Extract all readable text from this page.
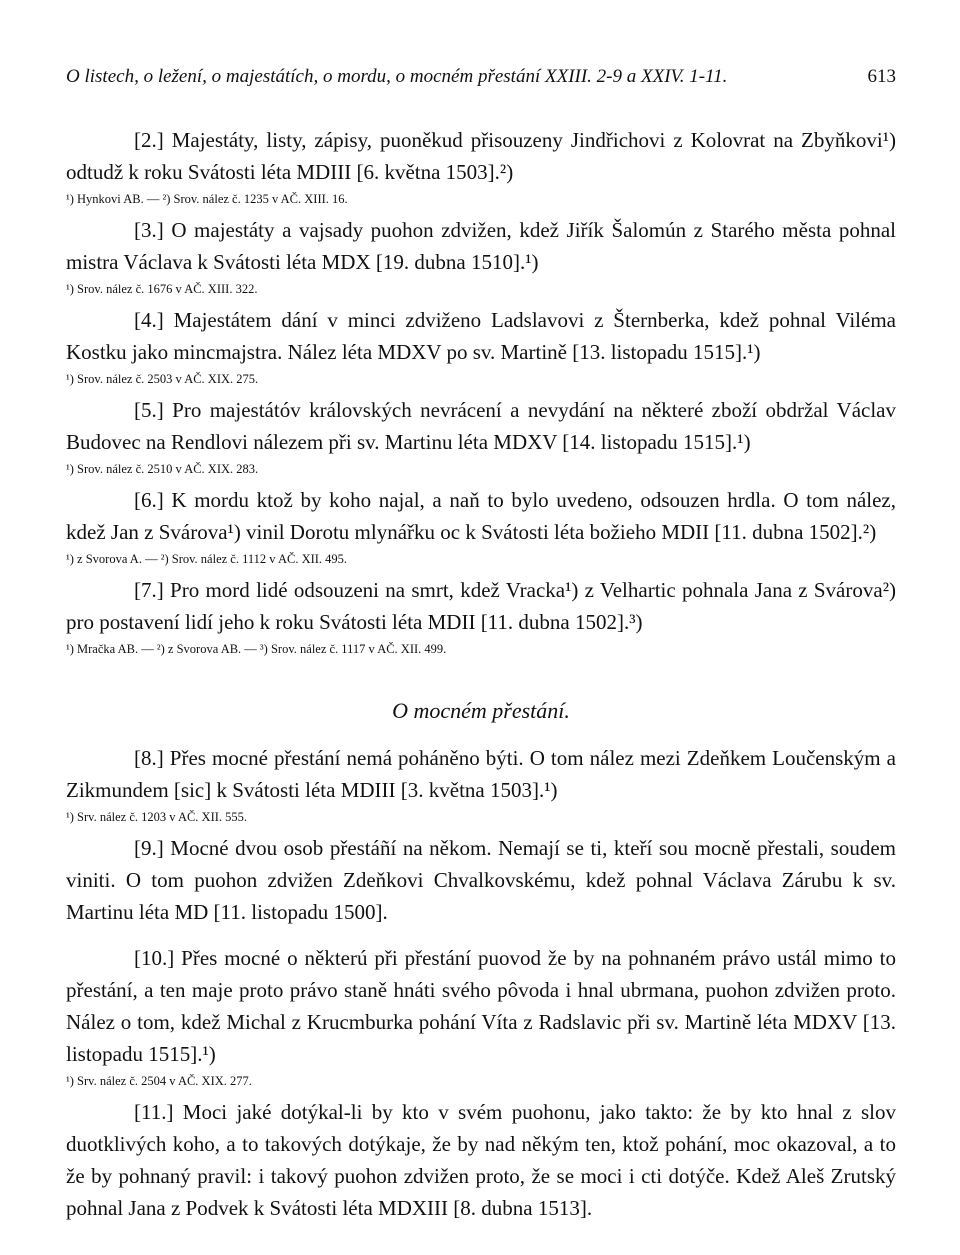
O listech, o ležení, o majestátích, o mordu, o mocném přestání XXIII. 2-9 a XXIV. 1-11.	613

[2.] Majestáty, listy, zápisy, puoněkud přisouzeny Jindřichovi z Kolovrat na Zbyňkovi¹) odtudž k roku Svátosti léta MDIII [6. května 1503].²)

¹) Hynkovi AB. — ²) Srov. nález č. 1235 v AČ. XIII. 16.

[3.] O majestáty a vajsady puohon zdvižen, kdež Jiřík Šalomún z Starého města pohnal mistra Václava k Svátosti léta MDX [19. dubna 1510].¹)

¹) Srov. nález č. 1676 v AČ. XIII. 322.

[4.] Majestátem dání v minci zdviženo Ladslavovi z Šternberka, kdež pohnal Viléma Kostku jako mincmajstra. Nález léta MDXV po sv. Martině [13. listopadu 1515].¹)

¹) Srov. nález č. 2503 v AČ. XIX. 275.

[5.] Pro majestátóv královských nevrácení a nevydání na některé zboží obdržal Václav Budovec na Rendlovi nálezem při sv. Martinu léta MDXV [14. listopadu 1515].¹)

¹) Srov. nález č. 2510 v AČ. XIX. 283.

[6.] K mordu ktož by koho najal, a naň to bylo uvedeno, odsouzen hrdla. O tom nález, kdež Jan z Svárova¹) vinil Dorotu mlynářku oc k Svátosti léta božieho MDII [11. dubna 1502].²)

¹) z Svorova A. — ²) Srov. nález č. 1112 v AČ. XII. 495.

[7.] Pro mord lidé odsouzeni na smrt, kdež Vracka¹) z Velhartic pohnala Jana z Svárova²) pro postavení lidí jeho k roku Svátosti léta MDII [11. dubna 1502].³)

¹) Mračka AB. — ²) z Svorova AB. — ³) Srov. nález č. 1117 v AČ. XII. 499.
O mocném přestání.

[8.] Přes mocné přestání nemá poháněno býti. O tom nález mezi Zdeňkem Loučenským a Zikmundem [sic] k Svátosti léta MDIII [3. května 1503].¹)

¹) Srv. nález č. 1203 v AČ. XII. 555.

[9.] Mocné dvou osob přestáñí na někom. Nemají se ti, kteří sou mocně přestali, soudem viniti. O tom puohon zdvižen Zdeňkovi Chvalkovskému, kdež pohnal Václava Zárubu k sv. Martinu léta MD [11. listopadu 1500].

[10.] Přes mocné o některú při přestání puovod že by na pohnaném právo ustál mimo to přestání, a ten maje proto právo staně hnáti svého pôvoda i hnal ubrmana, puohon zdvižen proto. Nález o tom, kdež Michal z Krucmburka pohání Víta z Radslavic při sv. Martině léta MDXV [13. listopadu 1515].¹)

¹) Srv. nález č. 2504 v AČ. XIX. 277.

[11.] Moci jaké dotýkal-li by kto v svém puohonu, jako takto: že by kto hnal z slov duotklivých koho, a to takových dotýkaje, že by nad někým ten, ktož pohání, moc okazoval, a to že by pohnaný pravil: i takový puohon zdvižen proto, že se moci i cti dotýče. Kdež Aleš Zrutský pohnal Jana z Podvek k Svátosti léta MDXIII [8. dubna 1513].
